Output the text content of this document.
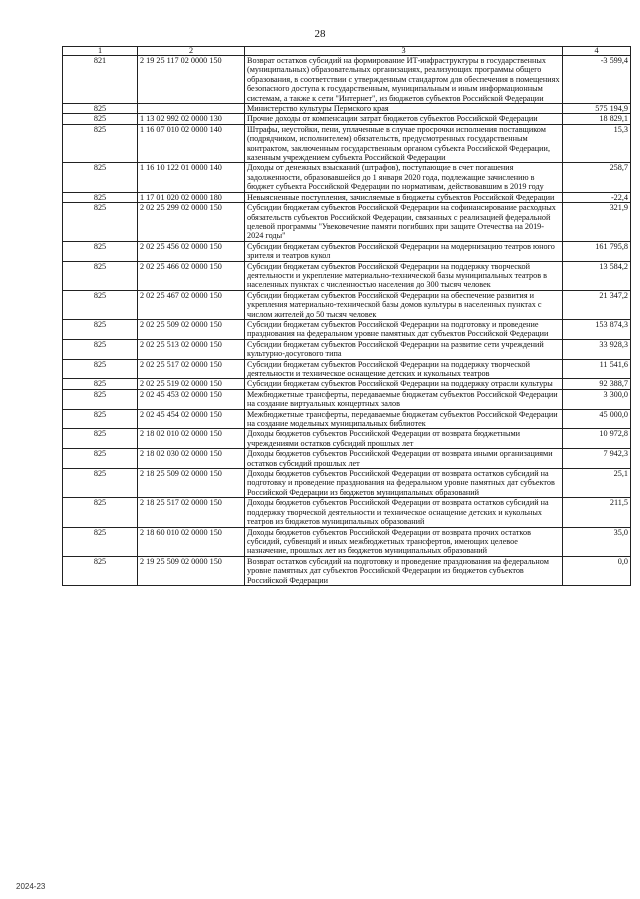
28
1	2	3	4
821	2 19 25 117 02 0000 150	Возврат остатков субсидий на формирование ИТ-инфраструктуры в государственных (муниципальных) образовательных организациях, реализующих программы общего образования, в соответствии с утвержденным стандартом для обеспечения в помещениях безопасного доступа к государственным, муниципальным и иным информационным системам, а также к сети "Интернет", из бюджетов субъектов Российской Федерации	-3 599,4
825		Министерство культуры Пермского края	575 194,9
825	1 13 02 992 02 0000 130	Прочие доходы от компенсации затрат бюджетов субъектов Российской Федерации	18 829,1
825	1 16 07 010 02 0000 140	Штрафы, неустойки, пени, уплаченные в случае просрочки исполнения поставщиком (подрядчиком, исполнителем) обязательств, предусмотренных государственным контрактом, заключенным государственным органом субъекта Российской Федерации, казенным учреждением субъекта Российской Федерации	15,3
825	1 16 10 122 01 0000 140	Доходы от денежных взысканий (штрафов), поступающие в счет погашения задолженности, образовавшейся до 1 января 2020 года, подлежащие зачислению в бюджет субъекта Российской Федерации по нормативам, действовавшим в 2019 году	258,7
825	1 17 01 020 02 0000 180	Невыясненные поступления, зачисляемые в бюджеты субъектов Российской Федерации	-22,4
825	2 02 25 299 02 0000 150	Субсидии бюджетам субъектов Российской Федерации на софинансирование расходных обязательств субъектов Российской Федерации, связанных с реализацией федеральной целевой программы "Увековечение памяти погибших при защите Отечества на 2019-2024 годы"	321,9
825	2 02 25 456 02 0000 150	Субсидии бюджетам субъектов Российской Федерации на модернизацию театров юного зрителя и театров кукол	161 795,8
825	2 02 25 466 02 0000 150	Субсидии бюджетам субъектов Российской Федерации на поддержку творческой деятельности и укрепление материально-технической базы муниципальных театров в населенных пунктах с численностью населения до 300 тысяч человек	13 584,2
825	2 02 25 467 02 0000 150	Субсидии бюджетам субъектов Российской Федерации на обеспечение развития и укрепления материально-технической базы домов культуры в населенных пунктах с числом жителей до 50 тысяч человек	21 347,2
825	2 02 25 509 02 0000 150	Субсидии бюджетам субъектов Российской Федерации на подготовку и проведение празднования на федеральном уровне памятных дат субъектов Российской Федерации	153 874,3
825	2 02 25 513 02 0000 150	Субсидии бюджетам субъектов Российской Федерации на развитие сети учреждений культурно-досугового типа	33 928,3
825	2 02 25 517 02 0000 150	Субсидии бюджетам субъектов Российской Федерации на поддержку творческой деятельности и техническое оснащение детских и кукольных театров	11 541,6
825	2 02 25 519 02 0000 150	Субсидии бюджетам субъектов Российской Федерации на поддержку отрасли культуры	92 388,7
825	2 02 45 453 02 0000 150	Межбюджетные трансферты, передаваемые бюджетам субъектов Российской Федерации на создание виртуальных концертных залов	3 300,0
825	2 02 45 454 02 0000 150	Межбюджетные трансферты, передаваемые бюджетам субъектов Российской Федерации на создание модельных муниципальных библиотек	45 000,0
825	2 18 02 010 02 0000 150	Доходы бюджетов субъектов Российской Федерации от возврата бюджетными учреждениями остатков субсидий прошлых лет	10 972,8
825	2 18 02 030 02 0000 150	Доходы бюджетов субъектов Российской Федерации от возврата иными организациями остатков субсидий прошлых лет	7 942,3
825	2 18 25 509 02 0000 150	Доходы бюджетов субъектов Российской Федерации от возврата остатков субсидий на подготовку и проведение празднования на федеральном уровне памятных дат субъектов Российской Федерации из бюджетов муниципальных образований	25,1
825	2 18 25 517 02 0000 150	Доходы бюджетов субъектов Российской Федерации от возврата остатков субсидий на поддержку творческой деятельности и техническое оснащение детских и кукольных театров из бюджетов муниципальных образований	211,5
825	2 18 60 010 02 0000 150	Доходы бюджетов субъектов Российской Федерации от возврата прочих остатков субсидий, субвенций и иных межбюджетных трансфертов, имеющих целевое назначение, прошлых лет из бюджетов муниципальных образований	35,0
825	2 19 25 509 02 0000 150	Возврат остатков субсидий на подготовку и проведение празднования на федеральном уровне памятных дат субъектов Российской Федерации из бюджетов субъектов Российской Федерации	0,0
2024-23
